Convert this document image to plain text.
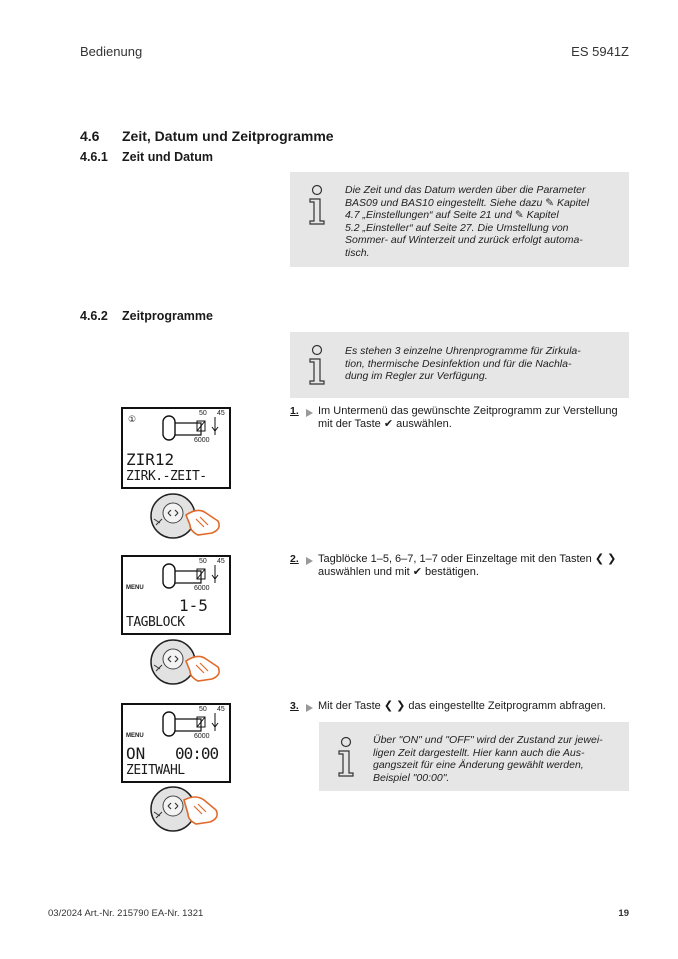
Bedienung	ES 5941Z
4.6 Zeit, Datum und Zeitprogramme
4.6.1 Zeit und Datum

Die Zeit und das Datum werden über die Parameter

BAS09 und BAS10 eingestellt. Siehe dazu ✎ Kapitel

4.7 „Einstellungen“ auf Seite 21 und ✎ Kapitel

5.2 „Einsteller“ auf Seite 27. Die Umstellung von

Sommer- auf Winterzeit und zurück erfolgt automa-

tisch.

4.6.2 Zeitprogramme

Es stehen 3 einzelne Uhrenprogramme für Zirkula-

tion, thermische Desinfektion und für die Nachla-

dung im Regler zur Verfügung.

1. Im Untermenü das gewünschte Zeitprogramm zur Verstellung
mit der Taste ✔ auswählen.
2. Tagblöcke 1–5, 6–7, 1–7 oder Einzeltage mit den Tasten ❮ ❯
auswählen und mit ✔ bestätigen.
3. Mit der Taste ❮ ❯ das eingestellte Zeitprogramm abfragen.

Über "ON" und "OFF" wird der Zustand zur jewei-

ligen Zeit dargestellt. Hier kann auch die Aus-

gangszeit für eine Änderung gewählt werden,

Beispiel "00:00".

①
50 45
6000
ZIR12
ZIRK.-ZEIT-
MENU
50 45
6000
1-5
TAGBLOCK
MENU
50 45
6000
ON 00:00
ZEITWAHL
03/2024 Art.-Nr. 215790 EA-Nr. 1321	19
